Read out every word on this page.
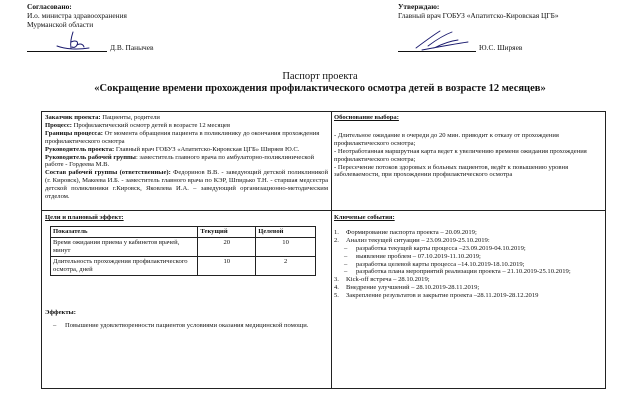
Согласовано:
И.о. министра здравоохранения
Мурманской области
Д.В. Панычев
Утверждаю:
Главный врач ГОБУЗ «Апатитско-Кировская ЦГБ»
Ю.С. Ширяев
Паспорт проекта
«Сокращение времени прохождения профилактического осмотра детей в возрасте 12 месяцев»

Заказчик проекта: Пациенты, родители

Процесс: Профилактический осмотр детей в возрасте 12 месяцев

Границы процесса: От момента обращения пациента в поликлинику до окончания прохождения профилактического осмотра

Руководитель проекта: Главный врач ГОБУЗ «Апатитско-Кировская ЦГБ» Ширяев Ю.С.

Руководитель рабочей группы: заместитель главного врача по амбулаторно-поликлинической работе - Гордеева М.В.

Состав рабочей группы (ответственные): Федоринов В.В. - заведующий детской поликлиникой (г. Кировск), Макеева И.Б. - заместитель главного врача по КЭР, Шпидько Т.Н. - старшая медсестра детской поликлиники г.Кировск, Яковлева И.А. – заведующий организационно-методическим отделом.

Обоснование выбора:

- Длительное ожидание в очереди до 20 мин. приводит к отказу от прохождения профилактического осмотра;

- Неотработанная маршрутная карта ведет к увеличению времени ожидания прохождения профилактического осмотра;

- Пересечение потоков здоровых и больных пациентов, ведёт к повышению уровня заболеваемости, при прохождении профилактического осмотра

Цели и плановый эффект:
Показатель	Текущий	Целевой
Время ожидания приема у кабинетов врачей, минут	20	10
Длительность прохождения профилактического осмотра, дней	10	2
Эффекты:
– Повышение удовлетворенности пациентов условиями оказания медицинской помощи.
Ключевые события:
1. Формирование паспорта проекта – 20.09.2019;
2. Анализ текущей ситуации – 23.09.2019-25.10.2019:
– разработка текущей карты процесса –23.09.2019-04.10.2019;
– выявление проблем – 07.10.2019-11.10.2019;
– разработка целевой карты процесса –14.10.2019-18.10.2019;
– разработка плана мероприятий реализации проекта – 21.10.2019-25.10.2019;
3. Kick-off встреча – 28.10.2019;
4. Внедрение улучшений – 28.10.2019-28.11.2019;
5. Закрепление результатов и закрытие проекта –28.11.2019-28.12.2019
